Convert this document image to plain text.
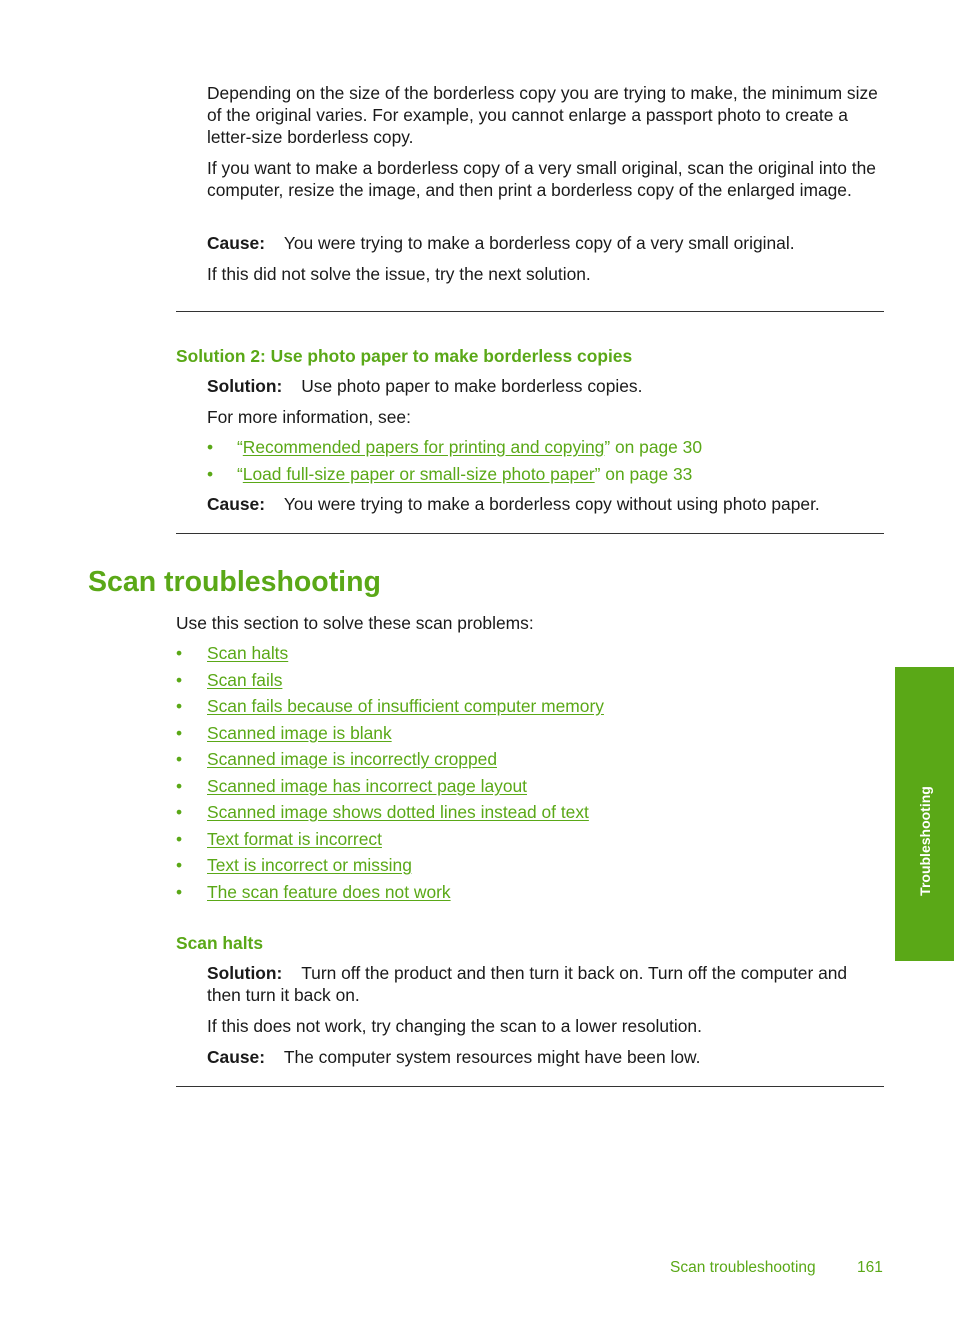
Depending on the size of the borderless copy you are trying to make, the minimum size of the original varies. For example, you cannot enlarge a passport photo to create a letter-size borderless copy.

If you want to make a borderless copy of a very small original, scan the original into the computer, resize the image, and then print a borderless copy of the enlarged image.

Cause: You were trying to make a borderless copy of a very small original.

If this did not solve the issue, try the next solution.

Solution 2: Use photo paper to make borderless copies
Solution: Use photo paper to make borderless copies.

For more information, see:

• “Recommended papers for printing and copying” on page 30
• “Load full-size paper or small-size photo paper” on page 33
Cause: You were trying to make a borderless copy without using photo paper.
Scan troubleshooting

Use this section to solve these scan problems:

• Scan halts
• Scan fails
• Scan fails because of insufficient computer memory
• Scanned image is blank
• Scanned image is incorrectly cropped
• Scanned image has incorrect page layout
• Scanned image shows dotted lines instead of text
• Text format is incorrect
• Text is incorrect or missing
• The scan feature does not work
Scan halts
Solution: Turn off the product and then turn it back on. Turn off the computer and
then turn it back on.

If this does not work, try changing the scan to a lower resolution.

Cause: The computer system resources might have been low.
Troubleshooting
Scan troubleshooting	161
